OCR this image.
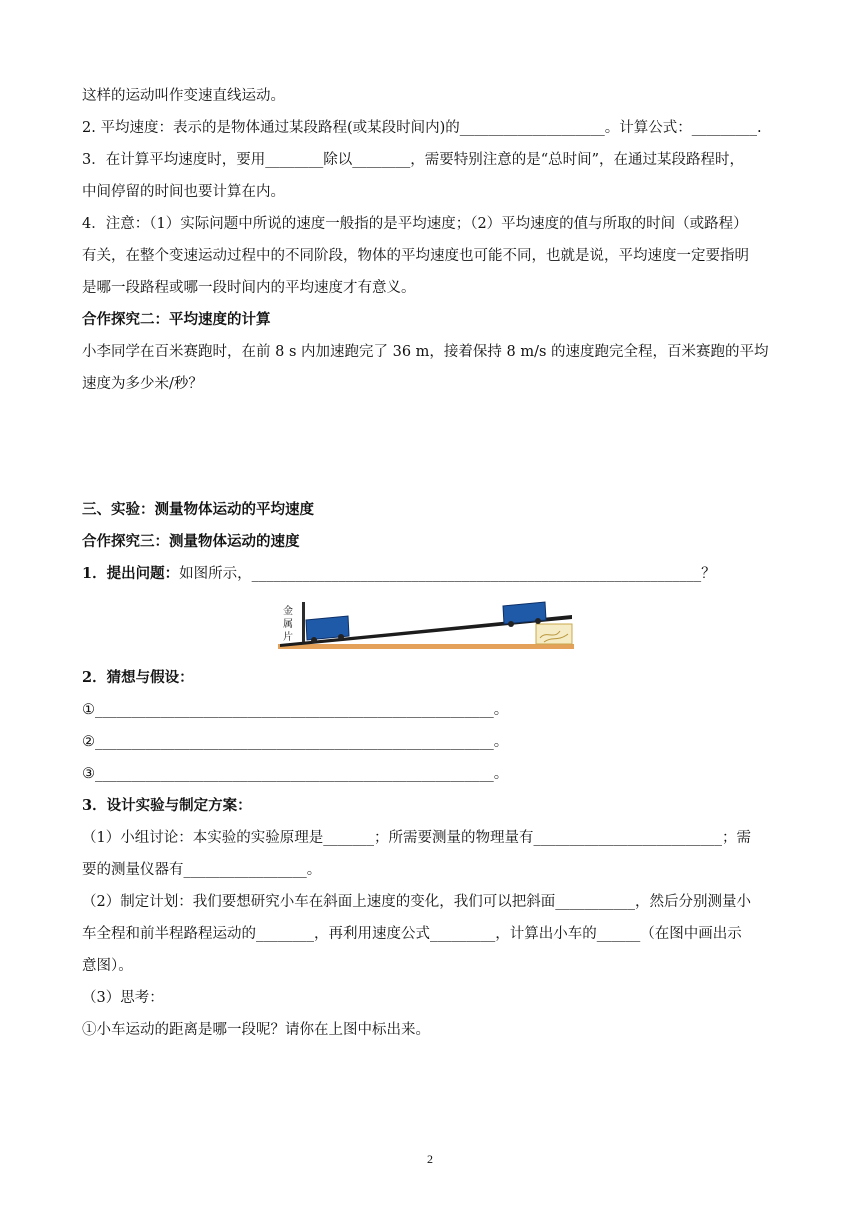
这样的运动叫作变速直线运动。

2. 平均速度：表示的是物体通过某段路程(或某段时间内)的____________________。计算公式：_________.

3．在计算平均速度时，要用________除以________，需要特别注意的是“总时间”，在通过某段路程时，

中间停留的时间也要计算在内。

4．注意：（1）实际问题中所说的速度一般指的是平均速度；（2）平均速度的值与所取的时间（或路程）

有关，在整个变速运动过程中的不同阶段，物体的平均速度也可能不同，也就是说，平均速度一定要指明

是哪一段路程或哪一段时间内的平均速度才有意义。

合作探究二：平均速度的计算

小李同学在百米赛跑时，在前 8 s 内加速跑完了 36 m，接着保持 8 m/s 的速度跑完全程，百米赛跑的平均

速度为多少米/秒？

三、实验：测量物体运动的平均速度

合作探究三：测量物体运动的速度

1．提出问题：如图所示，______________________________________________________________？

金
属
片

2．猜想与假设：

①_______________________________________________________。

②_______________________________________________________。

③_______________________________________________________。

3．设计实验与制定方案：

（1）小组讨论：本实验的实验原理是_______；所需要测量的物理量有__________________________；需

要的测量仪器有_________________。

（2）制定计划：我们要想研究小车在斜面上速度的变化，我们可以把斜面___________，然后分别测量小

车全程和前半程路程运动的________，再利用速度公式_________，计算出小车的______（在图中画出示

意图）。

（3）思考：

①小车运动的距离是哪一段呢？请你在上图中标出来。

2
